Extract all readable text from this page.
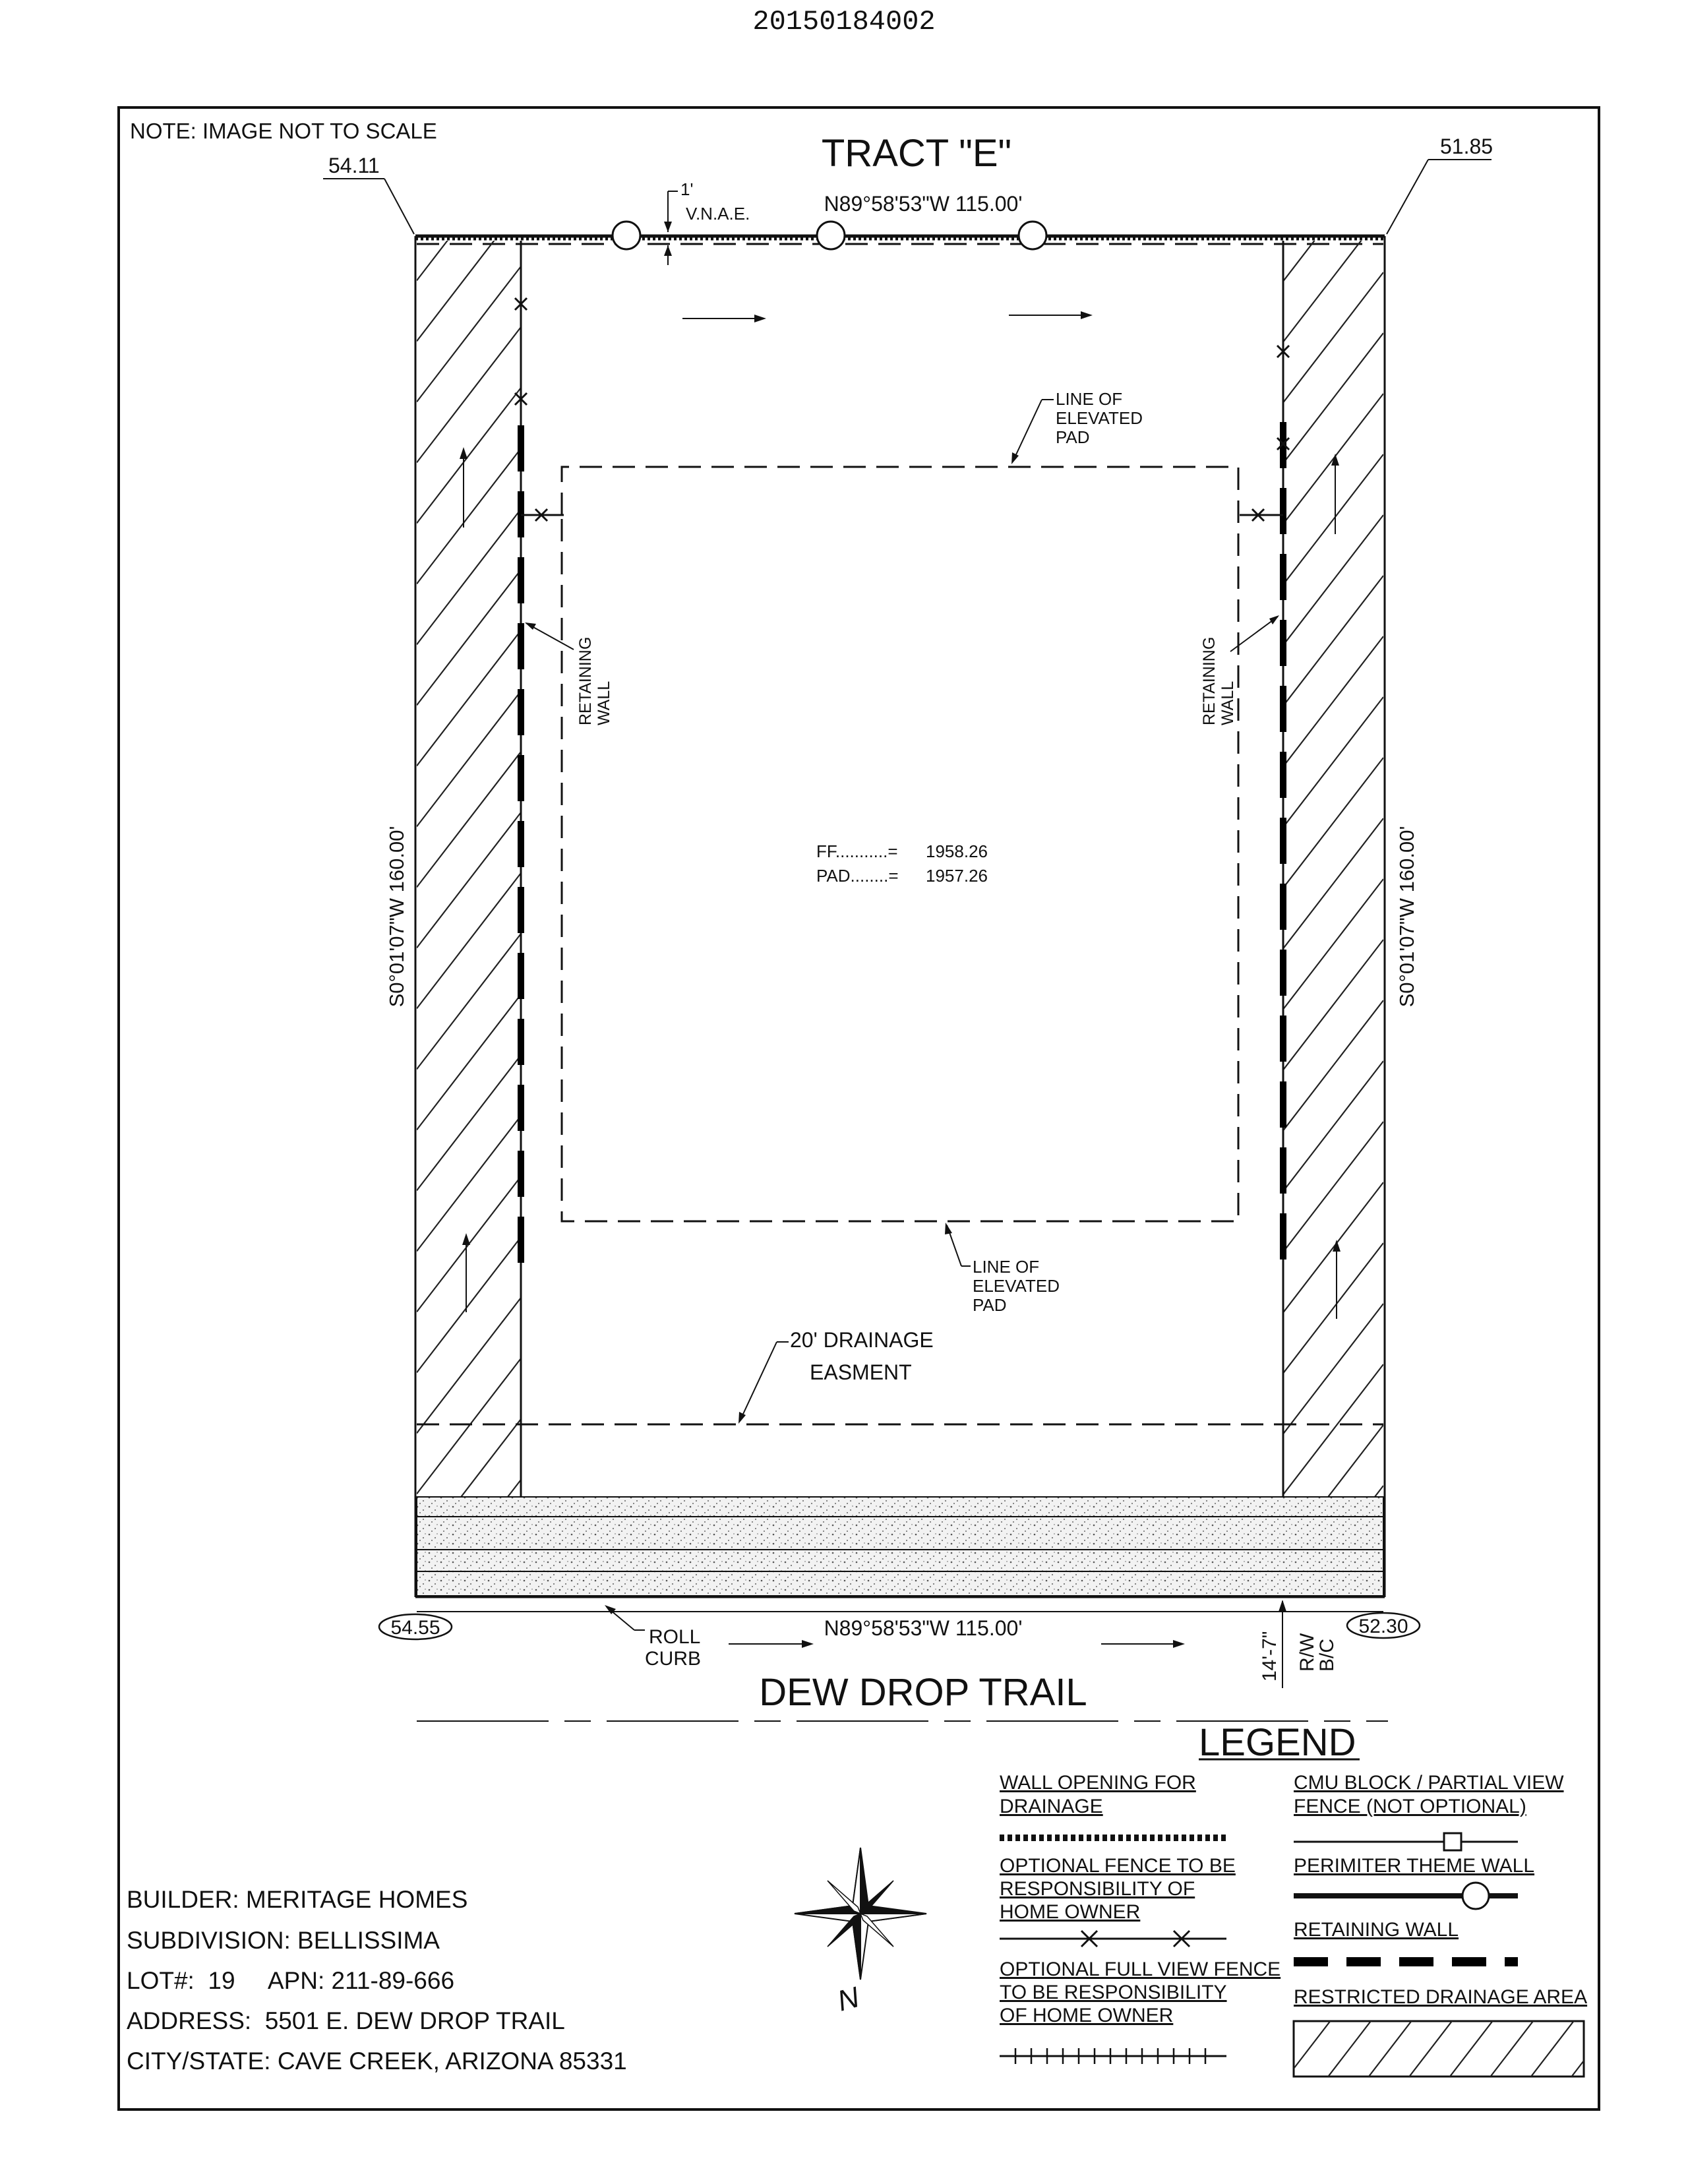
20150184002
NOTE: IMAGE NOT TO SCALE
TRACT "E"
54.11
51.85
1'
V.N.A.E.	N89°58'53"W 115.00'
LINE OF
ELEVATED
PAD
LINE OF
ELEVATED
PAD
RETAINING WALL	RETAINING WALL
FF...........= 1958.26
PAD........= 1957.26
S0°01'07"W 160.00'	S0°01'07"W 160.00'
20' DRAINAGE
EASMENT
54.55	52.30
N89°58'53"W 115.00'
ROLL
CURB	14'-7" R/W
B/C
DEW DROP TRAIL
LEGEND
WALL OPENING FOR
DRAINAGE
OPTIONAL FENCE TO BE
RESPONSIBILITY OF
HOME OWNER
OPTIONAL FULL VIEW FENCE
TO BE RESPONSIBILITY
OF HOME OWNER
CMU BLOCK / PARTIAL VIEW
FENCE (NOT OPTIONAL)
PERIMITER THEME WALL
RETAINING WALL
RESTRICTED DRAINAGE AREA
N
BUILDER: MERITAGE HOMES
SUBDIVISION: BELLISSIMA
LOT#:  19     APN: 211-89-666
ADDRESS:  5501 E. DEW DROP TRAIL
CITY/STATE: CAVE CREEK, ARIZONA 85331
